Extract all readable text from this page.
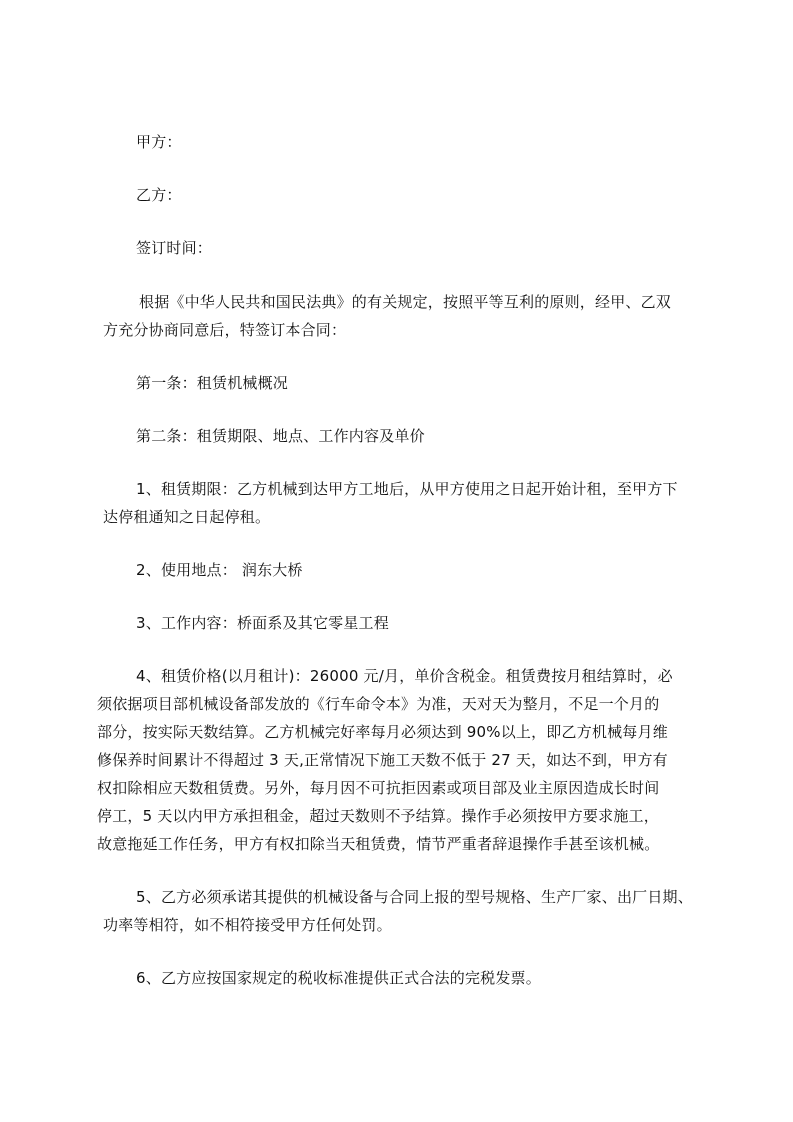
甲方：
乙方：
签订时间：
根据《中华人民共和国民法典》的有关规定，按照平等互利的原则，经甲、乙双
方充分协商同意后，特签订本合同：
第一条：租赁机械概况
第二条：租赁期限、地点、工作内容及单价
1、租赁期限：乙方机械到达甲方工地后，从甲方使用之日起开始计租，至甲方下
达停租通知之日起停租。
2、使用地点： 润东大桥
3、工作内容：桥面系及其它零星工程
4、租赁价格(以月租计)：26000 元/月，单价含税金。租赁费按月租结算时，必
须依据项目部机械设备部发放的《行车命令本》为准，天对天为整月，不足一个月的
部分，按实际天数结算。乙方机械完好率每月必须达到 90%以上，即乙方机械每月维
修保养时间累计不得超过 3 天,正常情况下施工天数不低于 27 天，如达不到，甲方有
权扣除相应天数租赁费。另外，每月因不可抗拒因素或项目部及业主原因造成长时间
停工，5 天以内甲方承担租金，超过天数则不予结算。操作手必须按甲方要求施工，
故意拖延工作任务，甲方有权扣除当天租赁费，情节严重者辞退操作手甚至该机械。
5、乙方必须承诺其提供的机械设备与合同上报的型号规格、生产厂家、出厂日期、
功率等相符，如不相符接受甲方任何处罚。
6、乙方应按国家规定的税收标准提供正式合法的完税发票。
